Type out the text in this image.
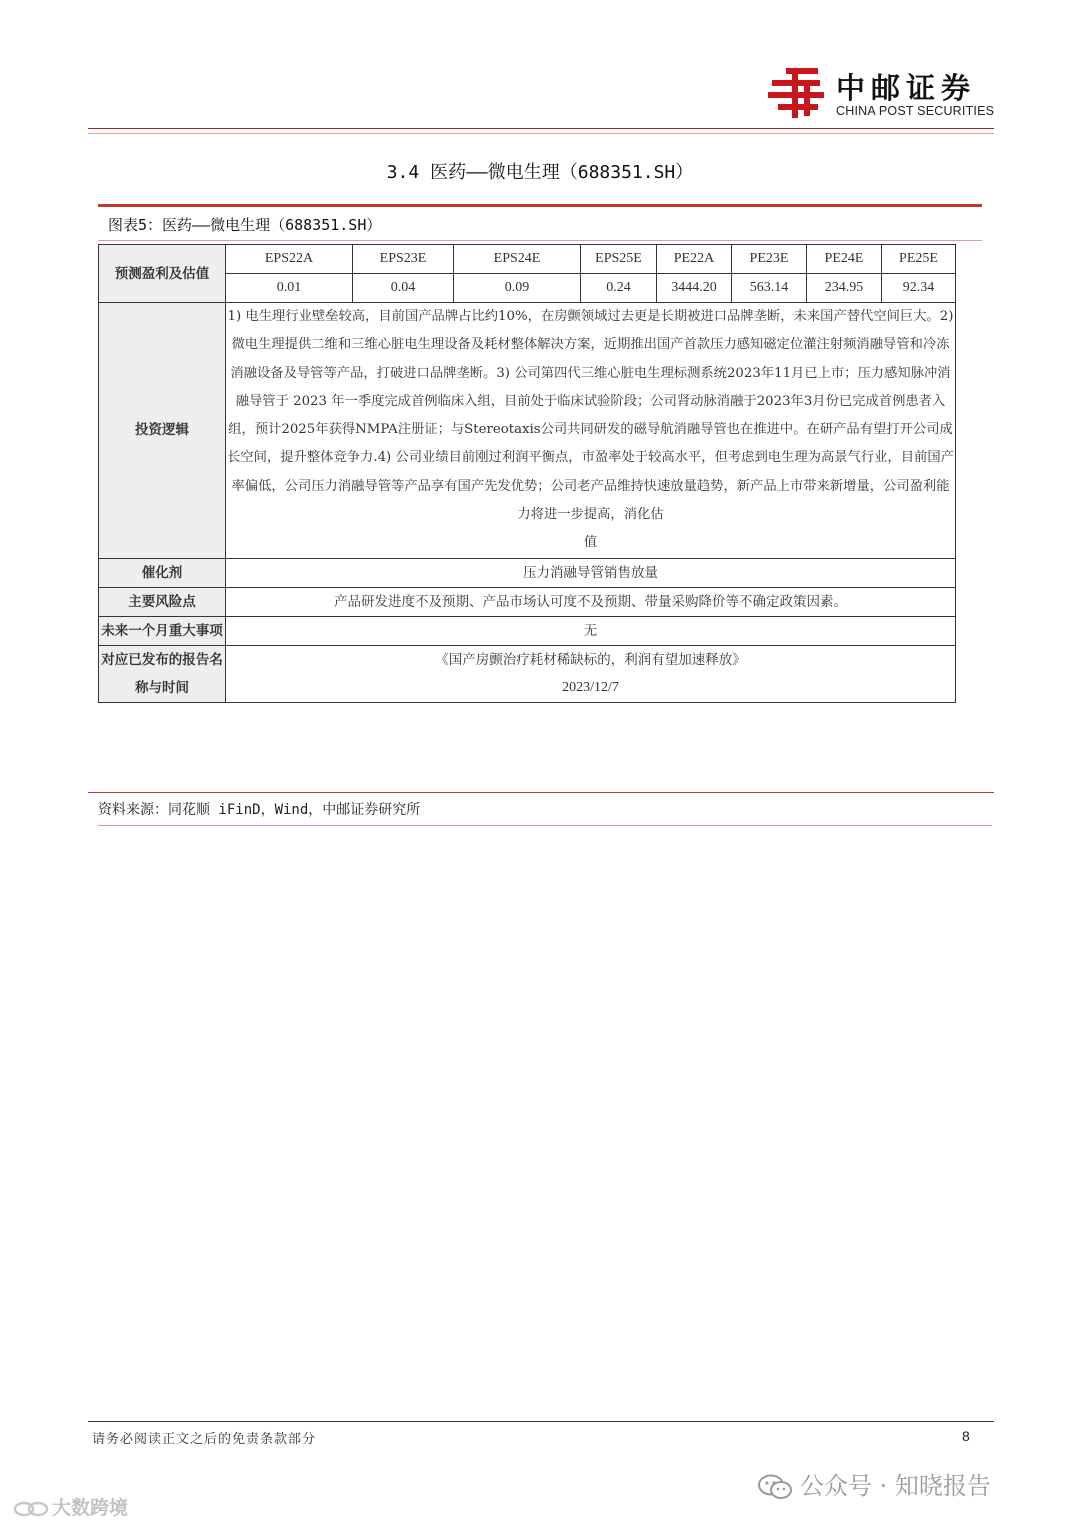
中邮证券
CHINA POST SECURITIES
3.4 医药——微电生理（688351.SH）
图表5：医药——微电生理（688351.SH）
预测盈利及估值	EPS22A	EPS23E	EPS24E	EPS25E	PE22A	PE23E	PE24E	PE25E
	0.01	0.04	0.09	0.24	3444.20	563.14	234.95	92.34
投资逻辑	1) 电生理行业壁垒较高，目前国产品牌占比约10%，在房颤领域过去更是长期被进口品牌垄断，未来国产替代空间巨大。2) 微电生理提供二维和三维心脏电生理设备及耗材整体解决方案，近期推出国产首款压力感知磁定位灌注射频消融导管和冷冻消融设备及导管等产品，打破进口品牌垄断。3) 公司第四代三维心脏电生理标测系统2023年11月已上市；压力感知脉冲消融导管于 2023 年一季度完成首例临床入组，目前处于临床试验阶段；公司肾动脉消融于2023年3月份已完成首例患者入组，预计2025年获得NMPA注册证；与Stereotaxis公司共同研发的磁导航消融导管也在推进中。在研产品有望打开公司成长空间，提升整体竞争力.4) 公司业绩目前刚过利润平衡点，市盈率处于较高水平，但考虑到电生理为高景气行业，目前国产率偏低，公司压力消融导管等产品享有国产先发优势；公司老产品维持快速放量趋势，新产品上市带来新增量，公司盈利能力将进一步提高，消化估
值							

催化剂	压力消融导管销售放量							
主要风险点	产品研发进度不及预期、产品市场认可度不及预期、带量采购降价等不确定政策因素。							
未来一个月重大事项	无							
对应已发布的报告名称与时间	《国产房颤治疗耗材稀缺标的，利润有望加速释放》
2023/12/7							
资料来源：同花顺 iFinD，Wind，中邮证券研究所
请务必阅读正文之后的免责条款部分	8
公众号 · 知晓报告
大数跨境
